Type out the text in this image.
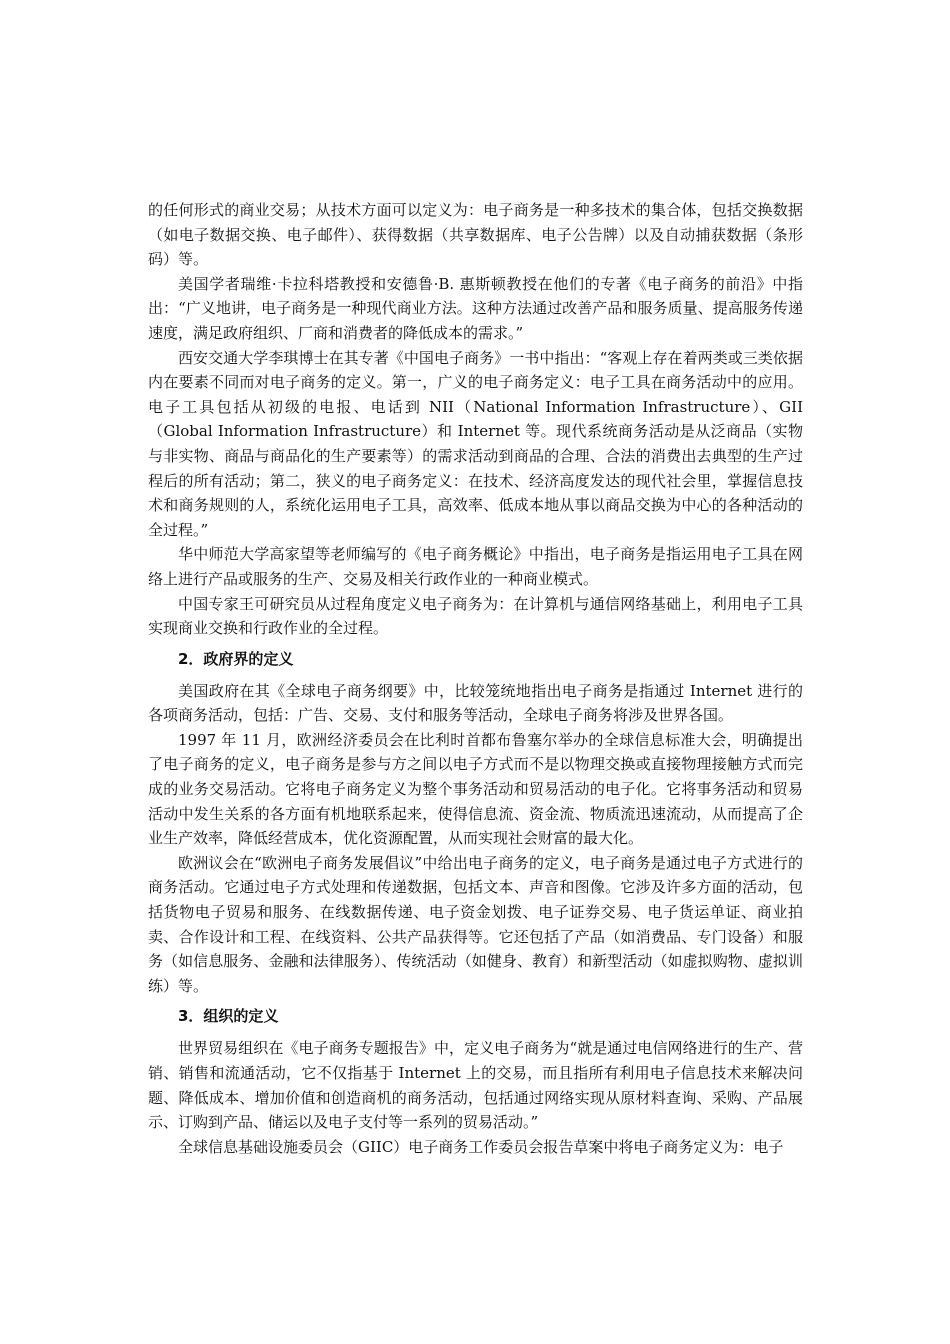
的任何形式的商业交易；从技术方面可以定义为：电子商务是一种多技术的集合体，包括交换数据（如电子数据交换、电子邮件）、获得数据（共享数据库、电子公告牌）以及自动捕获数据（条形码）等。

美国学者瑞维·卡拉科塔教授和安德鲁·B. 惠斯顿教授在他们的专著《电子商务的前沿》中指出：“广义地讲，电子商务是一种现代商业方法。这种方法通过改善产品和服务质量、提高服务传递速度，满足政府组织、厂商和消费者的降低成本的需求。”

西安交通大学李琪博士在其专著《中国电子商务》一书中指出：“客观上存在着两类或三类依据内在要素不同而对电子商务的定义。第一，广义的电子商务定义：电子工具在商务活动中的应用。电子工具包括从初级的电报、电话到 NII（National Information Infrastructure）、GII（Global Information Infrastructure）和 Internet 等。现代系统商务活动是从泛商品（实物与非实物、商品与商品化的生产要素等）的需求活动到商品的合理、合法的消费出去典型的生产过程后的所有活动；第二，狭义的电子商务定义：在技术、经济高度发达的现代社会里，掌握信息技术和商务规则的人，系统化运用电子工具，高效率、低成本地从事以商品交换为中心的各种活动的全过程。”

华中师范大学高家望等老师编写的《电子商务概论》中指出，电子商务是指运用电子工具在网络上进行产品或服务的生产、交易及相关行政作业的一种商业模式。

中国专家王可研究员从过程角度定义电子商务为：在计算机与通信网络基础上，利用电子工具实现商业交换和行政作业的全过程。

2．政府界的定义

美国政府在其《全球电子商务纲要》中，比较笼统地指出电子商务是指通过 Internet 进行的各项商务活动，包括：广告、交易、支付和服务等活动，全球电子商务将涉及世界各国。

1997 年 11 月，欧洲经济委员会在比利时首都布鲁塞尔举办的全球信息标准大会，明确提出了电子商务的定义，电子商务是参与方之间以电子方式而不是以物理交换或直接物理接触方式而完成的业务交易活动。它将电子商务定义为整个事务活动和贸易活动的电子化。它将事务活动和贸易活动中发生关系的各方面有机地联系起来，使得信息流、资金流、物质流迅速流动，从而提高了企业生产效率，降低经营成本，优化资源配置，从而实现社会财富的最大化。

欧洲议会在“欧洲电子商务发展倡议”中给出电子商务的定义，电子商务是通过电子方式进行的商务活动。它通过电子方式处理和传递数据，包括文本、声音和图像。它涉及许多方面的活动，包括货物电子贸易和服务、在线数据传递、电子资金划拨、电子证券交易、电子货运单证、商业拍卖、合作设计和工程、在线资料、公共产品获得等。它还包括了产品（如消费品、专门设备）和服务（如信息服务、金融和法律服务）、传统活动（如健身、教育）和新型活动（如虚拟购物、虚拟训练）等。

3．组织的定义

世界贸易组织在《电子商务专题报告》中，定义电子商务为“就是通过电信网络进行的生产、营销、销售和流通活动，它不仅指基于 Internet 上的交易，而且指所有利用电子信息技术来解决问题、降低成本、增加价值和创造商机的商务活动，包括通过网络实现从原材料查询、采购、产品展示、订购到产品、储运以及电子支付等一系列的贸易活动。”

全球信息基础设施委员会（GIIC）电子商务工作委员会报告草案中将电子商务定义为：电子
